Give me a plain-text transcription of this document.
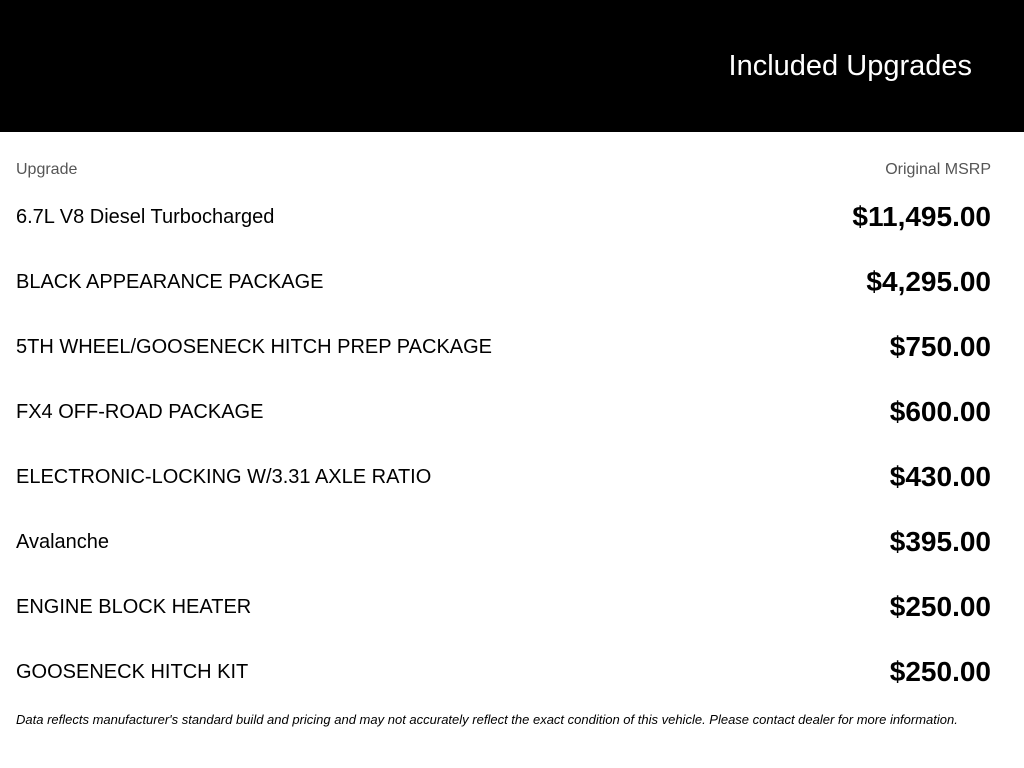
Included Upgrades
Upgrade	Original MSRP
6.7L V8 Diesel Turbocharged	$11,495.00
BLACK APPEARANCE PACKAGE	$4,295.00
5TH WHEEL/GOOSENECK HITCH PREP PACKAGE	$750.00
FX4 OFF-ROAD PACKAGE	$600.00
ELECTRONIC-LOCKING W/3.31 AXLE RATIO	$430.00
Avalanche	$395.00
ENGINE BLOCK HEATER	$250.00
GOOSENECK HITCH KIT	$250.00
Data reflects manufacturer's standard build and pricing and may not accurately reflect the exact condition of this vehicle. Please contact dealer for more information.
